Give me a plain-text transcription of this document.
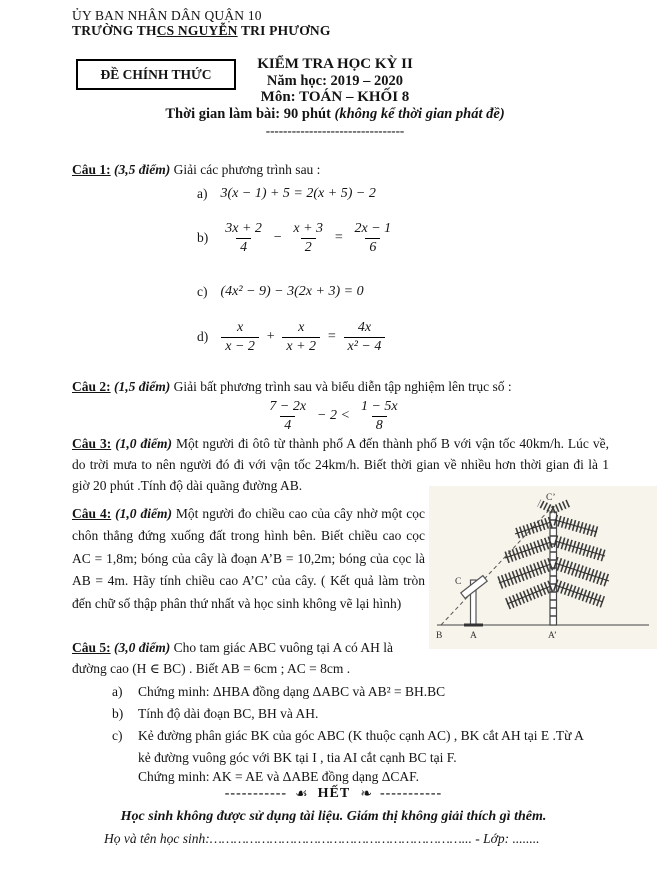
ỦY BAN NHÂN DÂN QUẬN 10
TRƯỜNG THCS NGUYỄN TRI PHƯƠNG
ĐỀ CHÍNH THỨC
KIỂM TRA HỌC KỲ II
Năm học: 2019 – 2020
Môn: TOÁN – KHỐI 8
Thời gian làm bài: 90 phút (không kể thời gian phát đề)
--------------------------------
Câu 1: (3,5 điểm) Giải các phương trình sau :
a) 3(x − 1) + 5 = 2(x + 5) − 2
$b) \frac{3x + 2}{4} - \frac{x + 3}{2} = \frac{2x - 1}{6}$
c) (4x² − 9) − 3(2x + 3) = 0
$d) \frac{x}{x - 2} + \frac{x}{x + 2} = \frac{4x}{\text{x² − 4}}$
Câu 2: (1,5 điểm) Giải bất phương trình sau và biểu diễn tập nghiệm lên trục số :
$\frac{7 - 2x}{4} - 2 < \frac{1 - 5x}{8}$
Câu 3: (1,0 điểm) Một người đi ôtô từ thành phố A đến thành phố B với vận tốc 40km/h. Lúc về, do trời mưa to nên người đó đi với vận tốc 24km/h. Biết thời gian về nhiều hơn thời gian đi là 1 giờ 20 phút .Tính độ dài quãng đường AB.
Câu 4: (1,0 điểm) Một người đo chiều cao của cây nhờ một cọc chôn thẳng đứng xuống đất trong hình bên. Biết chiều cao cọc AC = 1,8m; bóng của cây là đoạn A’B = 10,2m; bóng của cọc là AB = 4m. Hãy tính chiều cao A’C’ của cây. ( Kết quả làm tròn đến chữ số thập phân thứ nhất và học sinh không vẽ lại hình)
C’
C
B	A	A’
Câu 5: (3,0 điểm) Cho tam giác ABC vuông tại A có AH là
đường cao (H ∈ BC) . Biết AB = 6cm ; AC = 8cm .
a)	Chứng minh: ΔHBA đồng dạng ΔABC và AB² = BH.BC
b)	Tính độ dài đoạn BC, BH và AH.
c)	Kẻ đường phân giác BK của góc ABC (K thuộc cạnh AC) , BK cắt AH tại E .Từ A
kẻ đường vuông góc với BK tại I , tia AI cắt cạnh BC tại F.
Chứng minh: AK = AE và ΔABE đồng dạng ΔCAF.
----------- ☙ HẾT ❧ -----------
Học sinh không được sử dụng tài liệu. Giám thị không giải thích gì thêm.
Họ và tên học sinh:………………………………………………………... - Lớp: ........
